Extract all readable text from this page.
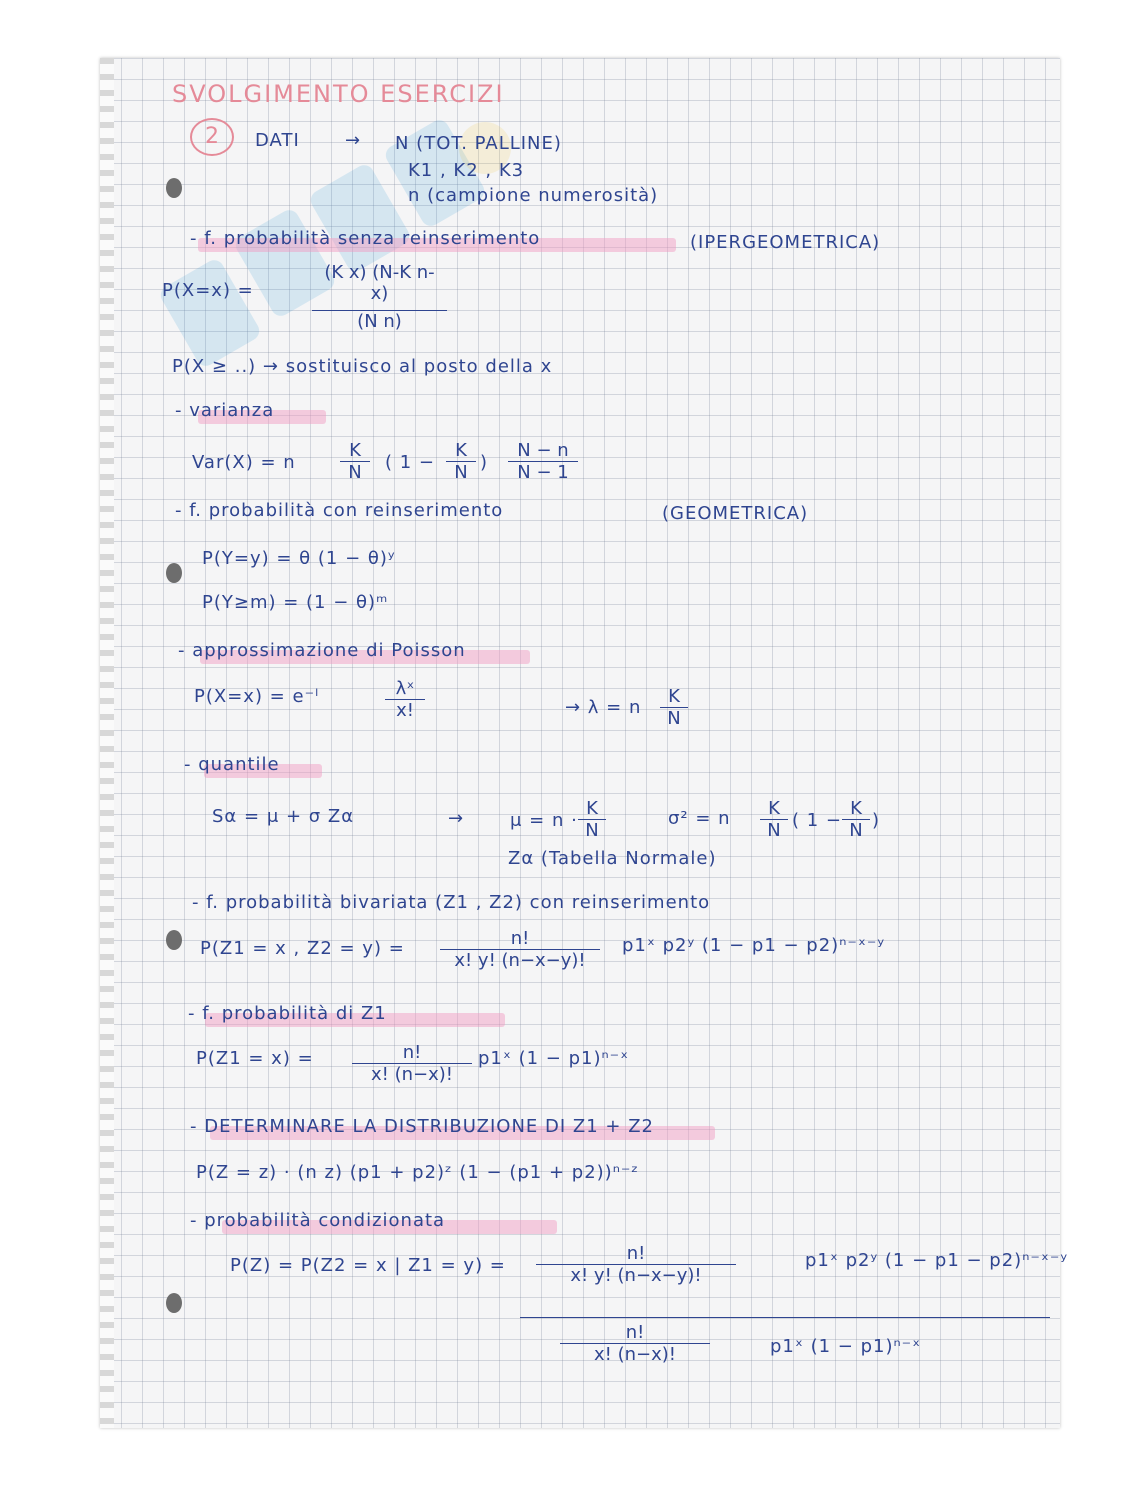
SVOLGIMENTO ESERCIZI
2	DATI	→ N (TOT. PALLINE)
K1 , K2 , K3
n (campione numerosità)
- f. probabilità senza reinserimento	(IPERGEOMETRICA)
P(X=x) =	$\frac{\text{(K x) (N-K n-x)}}{\text{(N n)}}$
P(X ≥ ..) → sostituisco al posto della x
- varianza
Var(X) = n $\frac{K}{N}$ ( $1 - \frac{K}{N}$ ) $\frac{N - n}{N - 1}$
- f. probabilità con reinserimento	(GEOMETRICA)
P(Y=y) = θ (1 − θ)ʸ
P(Y≥m) = (1 − θ)ᵐ
- approssimazione di Poisson
P(X=x) = e⁻ˡ	$\frac{\text{λˣ}}{x!}$	→ λ = n $\frac{K}{N}$
- quantile
Sα = μ + σ Zα	→	$\mu = n \cdot \frac{K}{N}$	σ² = n $\frac{K}{N}$ ( $1 - \frac{K}{N}$ )
Zα (Tabella Normale)
- f. probabilità bivariata (Z1 , Z2) con reinserimento
P(Z1 = x , $Z2 = y) = \frac{n!}{x! y! (n-x-y)!}$ p1ˣ p2ʸ (1 − p1 − p2)ⁿ⁻ˣ⁻ʸ
- f. probabilità di Z1
$P(Z1 = x) = \frac{n!}{x! (n-x)!}$ p1ˣ (1 − p1)ⁿ⁻ˣ
- DETERMINARE LA DISTRIBUZIONE DI Z1 + Z2
P(Z = z) · (n z) (p1 + p2)ᶻ (1 − (p1 + p2))ⁿ⁻ᶻ
- probabilità condizionata
P(Z) = P(Z2 = x | $Z1 = y) = \frac{n!}{x! y! (n-x-y)!}$	p1ˣ p2ʸ (1 − p1 − p2)ⁿ⁻ˣ⁻ʸ
$\frac{n!}{x! (n-x)!}$	p1ˣ (1 − p1)ⁿ⁻ˣ
